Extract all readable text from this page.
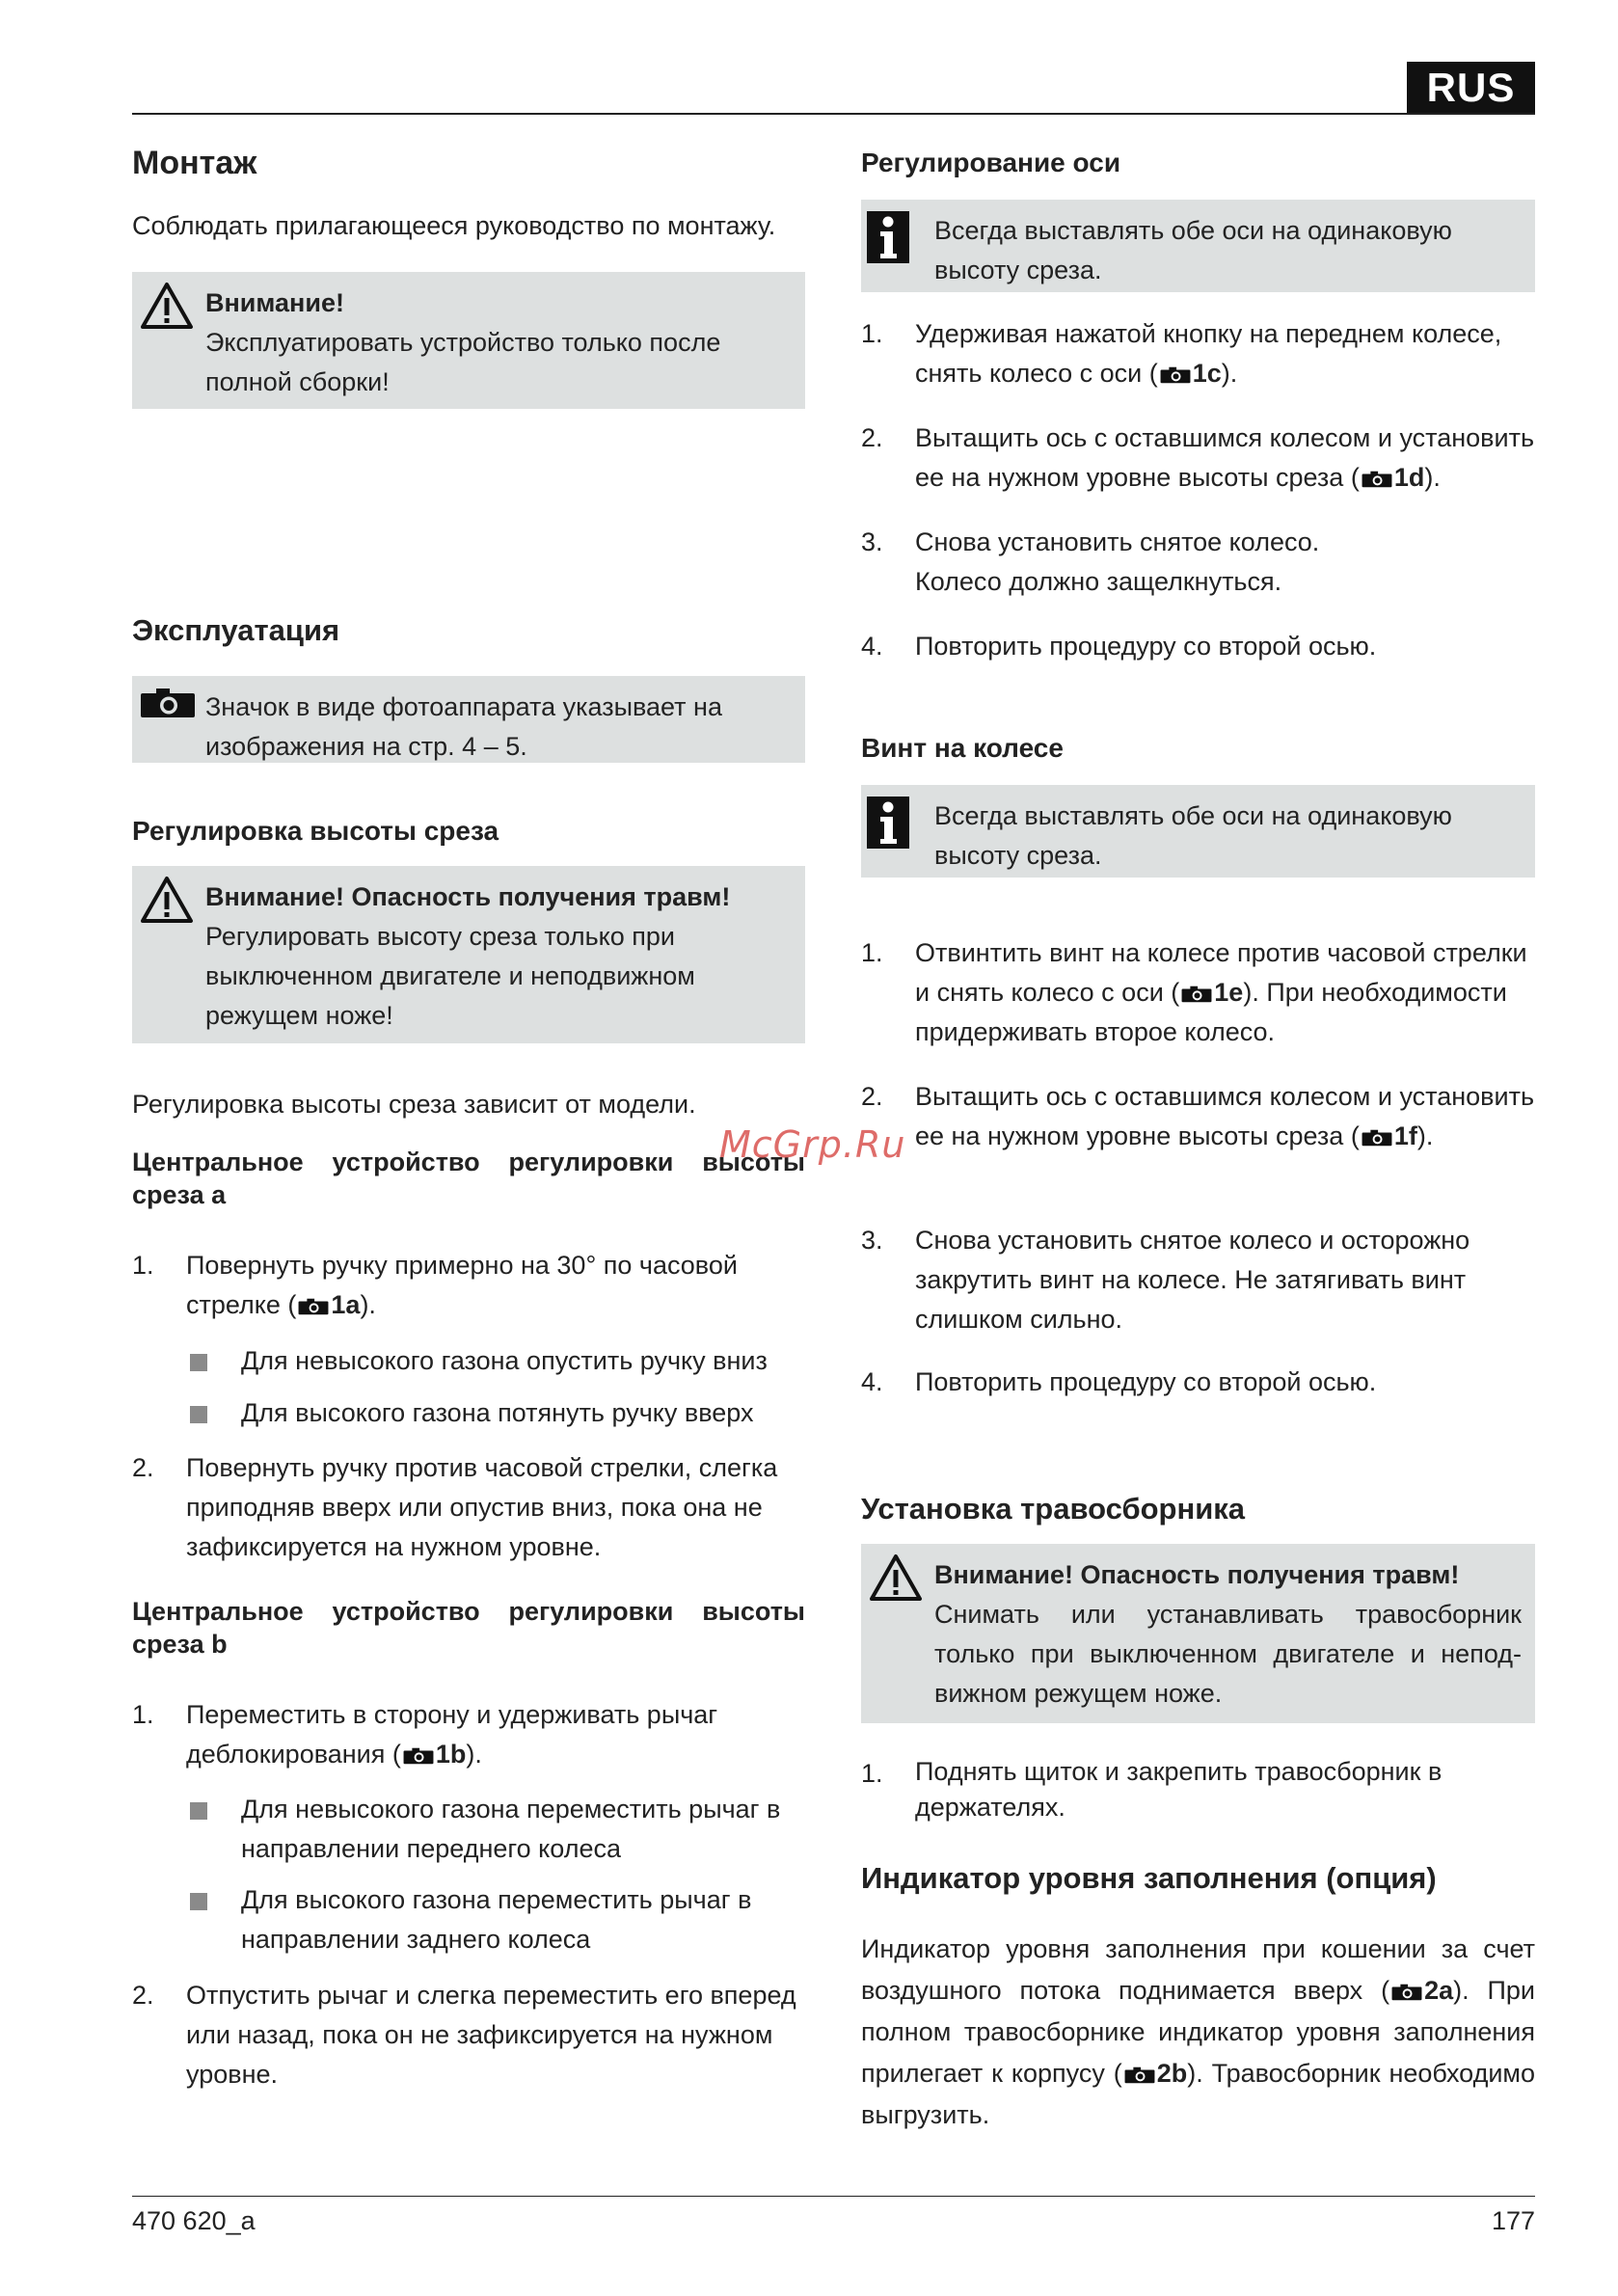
RUS
Монтаж
Соблюдать прилагающееся руководство по монтажу.
Внимание!
Эксплуатировать устройство только после полной сборки!
Эксплуатация
Значок в виде фотоаппарата указывает на изображения на стр. 4 – 5.
Регулировка высоты среза
Внимание! Опасность получения травм!
Регулировать высоту среза только при выключенном двигателе и неподвижном режущем ноже!
Регулировка высоты среза зависит от модели.
Центральное устройство регулировки высоты среза a
1. Повернуть ручку примерно на 30° по часовой стрелке ( 1a).
Для невысокого газона опустить ручку вниз
Для высокого газона потянуть ручку вверх
2. Повернуть ручку против часовой стрелки, слегка приподняв вверх или опустив вниз, пока она не зафиксируется на нужном уровне.
Центральное устройство регулировки высоты среза b
1. Переместить в сторону и удерживать рычаг деблокирования ( 1b).
Для невысокого газона переместить рычаг в направлении переднего колеса
Для высокого газона переместить рычаг в направлении заднего колеса
2. Отпустить рычаг и слегка переместить его вперед или назад, пока он не зафиксируется на нужном уровне.
Регулирование оси
Всегда выставлять обе оси на одинаковую высоту среза.
1. Удерживая нажатой кнопку на переднем колесе, снять колесо с оси ( 1c).
2. Вытащить ось с оставшимся колесом и установить ее на нужном уровне высоты среза ( 1d).
3. Снова установить снятое колесо. Колесо должно защелкнуться.
4. Повторить процедуру со второй осью.
Винт на колесе
Всегда выставлять обе оси на одинаковую высоту среза.
1. Отвинтить винт на колесе против часовой стрелки и снять колесо с оси ( 1e). При необходимости придерживать второе колесо.
2. Вытащить ось с оставшимся колесом и установить ее на нужном уровне высоты среза ( 1f).
3. Снова установить снятое колесо и осторожно закрутить винт на колесе. Не затягивать винт слишком сильно.
4. Повторить процедуру со второй осью.
Установка травосборника
Внимание! Опасность получения травм!
Снимать или устанавливать травосборник только при выключенном двигателе и неподвижном режущем ноже.
1. Поднять щиток и закрепить травосборник в держателях.
Индикатор уровня заполнения (опция)
Индикатор уровня заполнения при кошении за счет воздушного потока поднимается вверх ( 2a). При полном травосборнике индикатор уровня заполнения прилегает к корпусу ( 2b). Травосборник необходимо выгрузить.
McGrp.Ru
470 620_a	177
